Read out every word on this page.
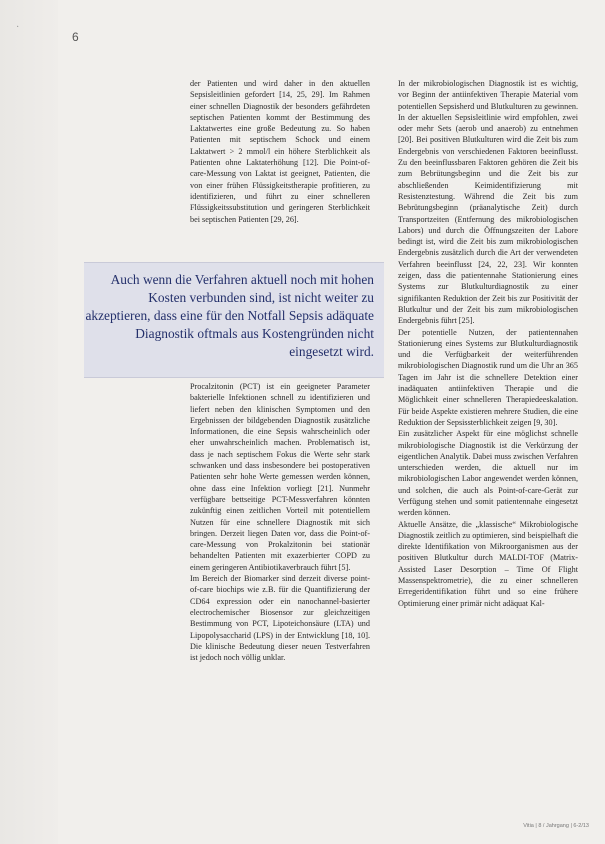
·
6

der Patienten und wird daher in den aktuellen Sepsisleitlinien gefordert [14, 25, 29]. Im Rahmen einer schnellen Diagnostik der besonders gefährdeten septischen Patienten kommt der Bestimmung des Laktatwertes eine große Bedeutung zu. So haben Patienten mit septischem Schock und einem Laktatwert > 2 mmol/l ein höhere Sterblichkeit als Patienten ohne Laktaterhöhung [12]. Die Point-of-care-Messung von Laktat ist geeignet, Patienten, die von einer frühen Flüssigkeitstherapie profitieren, zu identifizieren, und führt zu einer schnelleren Flüssigkeitssubstitution und geringeren Sterblichkeit bei septischen Patienten [29, 26].

Auch wenn die Verfahren aktuell noch mit hohen Kosten verbunden sind, ist nicht weiter zu akzeptieren, dass eine für den Notfall Sepsis adäquate Diagnostik oftmals aus Kostengründen nicht eingesetzt wird.

Procalzitonin (PCT) ist ein geeigneter Parameter bakterielle Infektionen schnell zu identifizieren und liefert neben den klinischen Symptomen und den Ergebnissen der bildgebenden Diagnostik zusätzliche Informationen, die eine Sepsis wahrscheinlich oder eher unwahrscheinlich machen. Problematisch ist, dass je nach septischem Fokus die Werte sehr stark schwanken und dass insbesondere bei postoperativen Patienten sehr hohe Werte gemessen werden können, ohne dass eine Infektion vorliegt [21]. Nunmehr verfügbare bettseitige PCT-Messverfahren könnten zukünftig einen zeitlichen Vorteil mit potentiellem Nutzen für eine schnellere Diagnostik mit sich bringen. Derzeit liegen Daten vor, dass die Point-of-care-Messung von Prokalzitonin bei stationär behandelten Patienten mit exazerbierter COPD zu einem geringeren Antibiotikaverbrauch führt [5].

Im Bereich der Biomarker sind derzeit diverse point-of-care biochips wie z.B. für die Quantifizierung der CD64 expression oder ein nanochannel-basierter electrochemischer Biosensor zur gleichzeitigen Bestimmung von PCT, Lipoteichonsäure (LTA) und Lipopolysaccharid (LPS) in der Entwicklung [18, 10]. Die klinische Bedeutung dieser neuen Testverfahren ist jedoch noch völlig unklar.

In der mikrobiologischen Diagnostik ist es wichtig, vor Beginn der antiinfektiven Therapie Material vom potentiellen Sepsisherd und Blutkulturen zu gewinnen. In der aktuellen Sepsisleitlinie wird empfohlen, zwei oder mehr Sets (aerob und anaerob) zu entnehmen [20]. Bei positiven Blutkulturen wird die Zeit bis zum Endergebnis von verschiedenen Faktoren beeinflusst. Zu den beeinflussbaren Faktoren gehören die Zeit bis zum Bebrütungsbeginn und die Zeit bis zur abschließenden Keimidentifizierung mit Resistenztestung. Während die Zeit bis zum Bebrütungsbeginn (präanalytische Zeit) durch Transportzeiten (Entfernung des mikrobiologischen Labors) und durch die Öffnungszeiten der Labore bedingt ist, wird die Zeit bis zum mikrobiologischen Endergebnis zusätzlich durch die Art der verwendeten Verfahren beeinflusst [24, 22, 23]. Wir konnten zeigen, dass die patientennahe Stationierung eines Systems zur Blutkulturdiagnostik zu einer signifikanten Reduktion der Zeit bis zur Positivität der Blutkultur und der Zeit bis zum mikrobiologischen Endergebnis führt [25].

Der potentielle Nutzen, der patientennahen Stationierung eines Systems zur Blutkulturdiagnostik und die Verfügbarkeit der weiterführenden mikrobiologischen Diagnostik rund um die Uhr an 365 Tagen im Jahr ist die schnellere Detektion einer inadäquaten antiinfektiven Therapie und die Möglichkeit einer schnelleren Therapiedeeskalation. Für beide Aspekte existieren mehrere Studien, die eine Reduktion der Sepsissterblichkeit zeigen [9, 30].

Ein zusätzlicher Aspekt für eine möglichst schnelle mikrobiologische Diagnostik ist die Verkürzung der eigentlichen Analytik. Dabei muss zwischen Verfahren unterschieden werden, die aktuell nur im mikrobiologischen Labor angewendet werden können, und solchen, die auch als Point-of-care-Gerät zur Verfügung stehen und somit patientennahe eingesetzt werden können.

Aktuelle Ansätze, die „klassische“ Mikrobiologische Diagnostik zeitlich zu optimieren, sind beispielhaft die direkte Identifikation von Mikroorganismen aus der positiven Blutkultur durch MALDI-TOF (Matrix-Assisted Laser Desorption – Time Of Flight Massenspektrometrie), die zu einer schnelleren Erregeridentifikation führt und so eine frühere Optimierung einer primär nicht adäquat Kal-

Vitia | 8 / Jahrgang | 6-2/13
